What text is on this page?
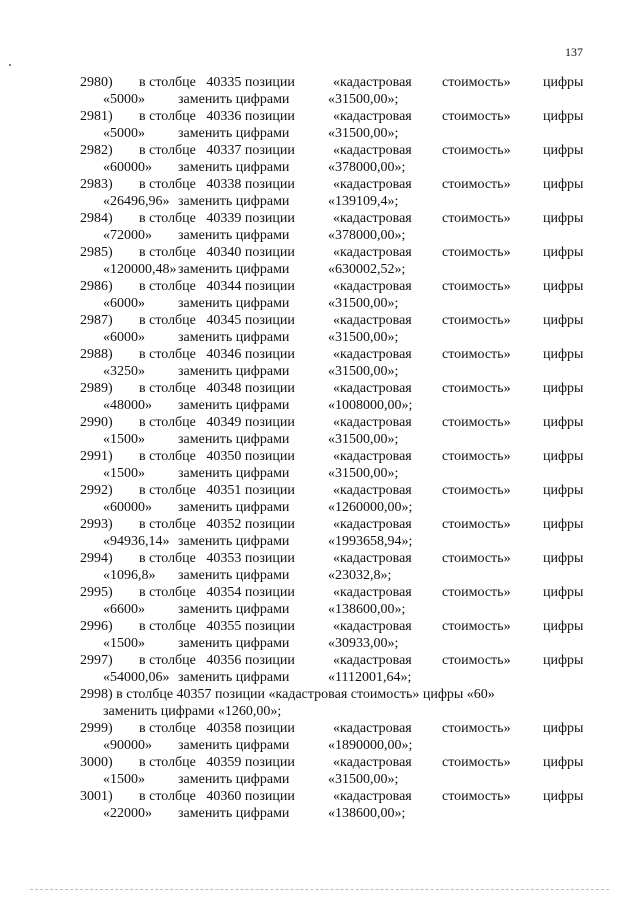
137
2980) в столбце 40335 позиции	«кадастровая стоимость» цифры
«5000» заменить цифрами	«31500,00»;
2981) в столбце 40336 позиции	«кадастровая стоимость» цифры
«5000» заменить цифрами	«31500,00»;
2982) в столбце 40337 позиции	«кадастровая стоимость» цифры
«60000» заменить цифрами	«378000,00»;
2983) в столбце 40338 позиции	«кадастровая стоимость» цифры
«26496,96» заменить цифрами	«139109,4»;
2984) в столбце 40339 позиции	«кадастровая стоимость» цифры
«72000» заменить цифрами	«378000,00»;
2985) в столбце 40340 позиции	«кадастровая стоимость» цифры
«120000,48» заменить цифрами	«630002,52»;
2986) в столбце 40344 позиции	«кадастровая стоимость» цифры
«6000» заменить цифрами	«31500,00»;
2987) в столбце 40345 позиции	«кадастровая стоимость» цифры
«6000» заменить цифрами	«31500,00»;
2988) в столбце 40346 позиции	«кадастровая стоимость» цифры
«3250» заменить цифрами	«31500,00»;
2989) в столбце 40348 позиции	«кадастровая стоимость» цифры
«48000» заменить цифрами	«1008000,00»;
2990) в столбце 40349 позиции	«кадастровая стоимость» цифры
«1500» заменить цифрами	«31500,00»;
2991) в столбце 40350 позиции	«кадастровая стоимость» цифры
«1500» заменить цифрами	«31500,00»;
2992) в столбце 40351 позиции	«кадастровая стоимость» цифры
«60000» заменить цифрами	«1260000,00»;
2993) в столбце 40352 позиции	«кадастровая стоимость» цифры
«94936,14» заменить цифрами	«1993658,94»;
2994) в столбце 40353 позиции	«кадастровая стоимость» цифры
«1096,8» заменить цифрами	«23032,8»;
2995) в столбце 40354 позиции	«кадастровая стоимость» цифры
«6600» заменить цифрами	«138600,00»;
2996) в столбце 40355 позиции	«кадастровая стоимость» цифры
«1500» заменить цифрами	«30933,00»;
2997) в столбце 40356 позиции	«кадастровая стоимость» цифры
«54000,06» заменить цифрами	«1112001,64»;
2998) в столбце 40357 позиции «кадастровая стоимость» цифры «60»
заменить цифрами «1260,00»;
2999) в столбце 40358 позиции	«кадастровая стоимость» цифры
«90000» заменить цифрами	«1890000,00»;
3000) в столбце 40359 позиции	«кадастровая стоимость» цифры
«1500» заменить цифрами	«31500,00»;
3001) в столбце 40360 позиции	«кадастровая стоимость» цифры
«22000» заменить цифрами	«138600,00»;
